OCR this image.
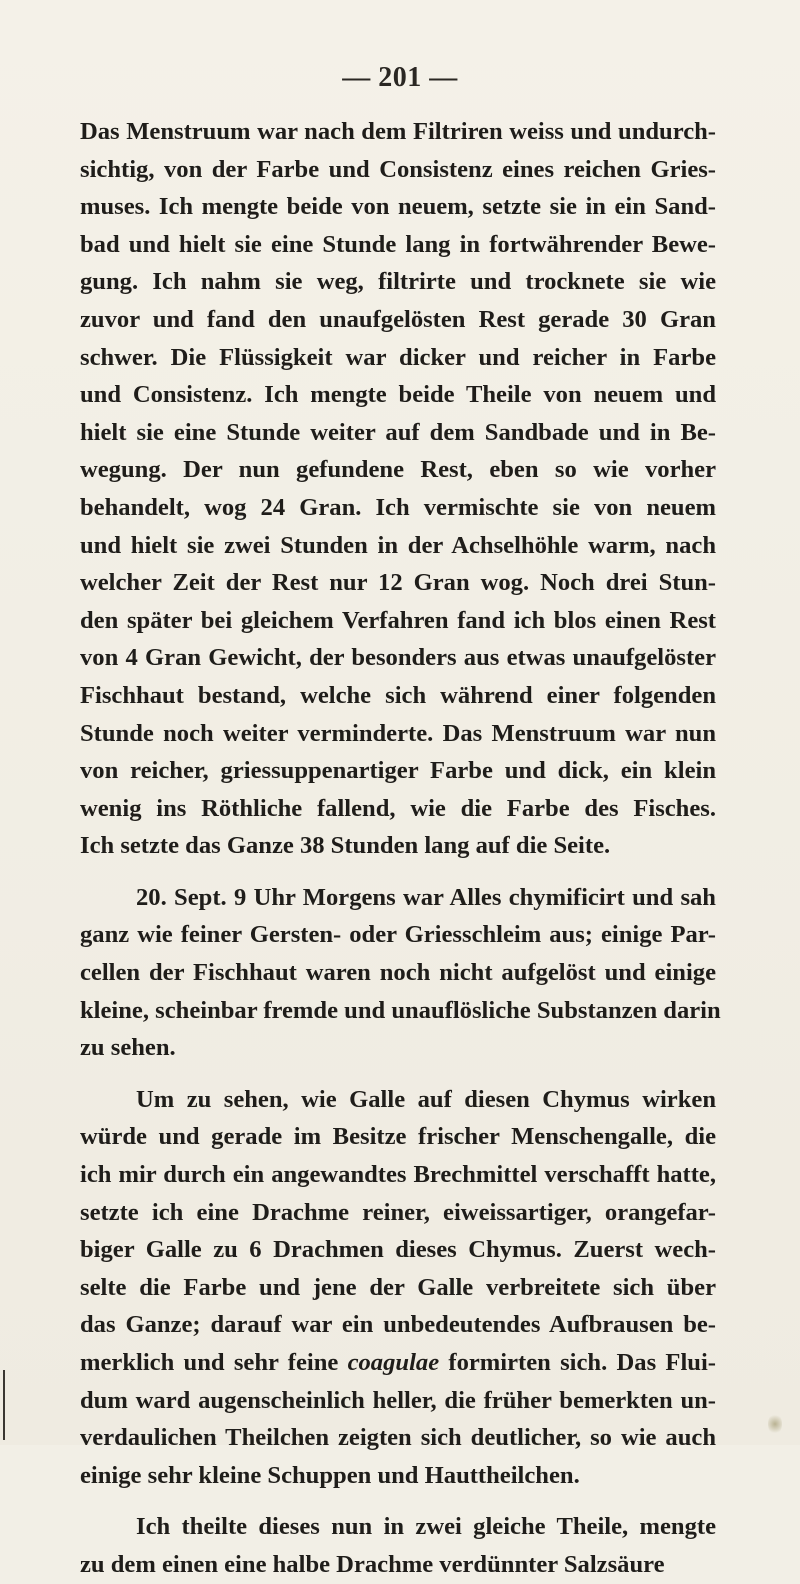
— 201 —
Das Menstruum war nach dem Filtriren weiss und undurch-
sichtig, von der Farbe und Consistenz eines reichen Gries-
muses. Ich mengte beide von neuem, setzte sie in ein Sand-
bad und hielt sie eine Stunde lang in fortwährender Bewe-
gung. Ich nahm sie weg, filtrirte und trocknete sie wie
zuvor und fand den unaufgelösten Rest gerade 30 Gran
schwer. Die Flüssigkeit war dicker und reicher in Farbe
und Consistenz. Ich mengte beide Theile von neuem und
hielt sie eine Stunde weiter auf dem Sandbade und in Be-
wegung. Der nun gefundene Rest, eben so wie vorher
behandelt, wog 24 Gran. Ich vermischte sie von neuem
und hielt sie zwei Stunden in der Achselhöhle warm, nach
welcher Zeit der Rest nur 12 Gran wog. Noch drei Stun-
den später bei gleichem Verfahren fand ich blos einen Rest
von 4 Gran Gewicht, der besonders aus etwas unaufgelöster
Fischhaut bestand, welche sich während einer folgenden
Stunde noch weiter verminderte. Das Menstruum war nun
von reicher, griessuppenartiger Farbe und dick, ein klein
wenig ins Röthliche fallend, wie die Farbe des Fisches.
Ich setzte das Ganze 38 Stunden lang auf die Seite.
20. Sept. 9 Uhr Morgens war Alles chymificirt und sah
ganz wie feiner Gersten- oder Griesschleim aus; einige Par-
cellen der Fischhaut waren noch nicht aufgelöst und einige
kleine, scheinbar fremde und unauflösliche Substanzen darin
zu sehen.
Um zu sehen, wie Galle auf diesen Chymus wirken
würde und gerade im Besitze frischer Menschengalle, die
ich mir durch ein angewandtes Brechmittel verschafft hatte,
setzte ich eine Drachme reiner, eiweissartiger, orangefar-
biger Galle zu 6 Drachmen dieses Chymus. Zuerst wech-
selte die Farbe und jene der Galle verbreitete sich über
das Ganze; darauf war ein unbedeutendes Aufbrausen be-
merklich und sehr feine coagulae formirten sich. Das Flui-
dum ward augenscheinlich heller, die früher bemerkten un-
verdaulichen Theilchen zeigten sich deutlicher, so wie auch
einige sehr kleine Schuppen und Hauttheilchen.
Ich theilte dieses nun in zwei gleiche Theile, mengte
zu dem einen eine halbe Drachme verdünnter Salzsäure
